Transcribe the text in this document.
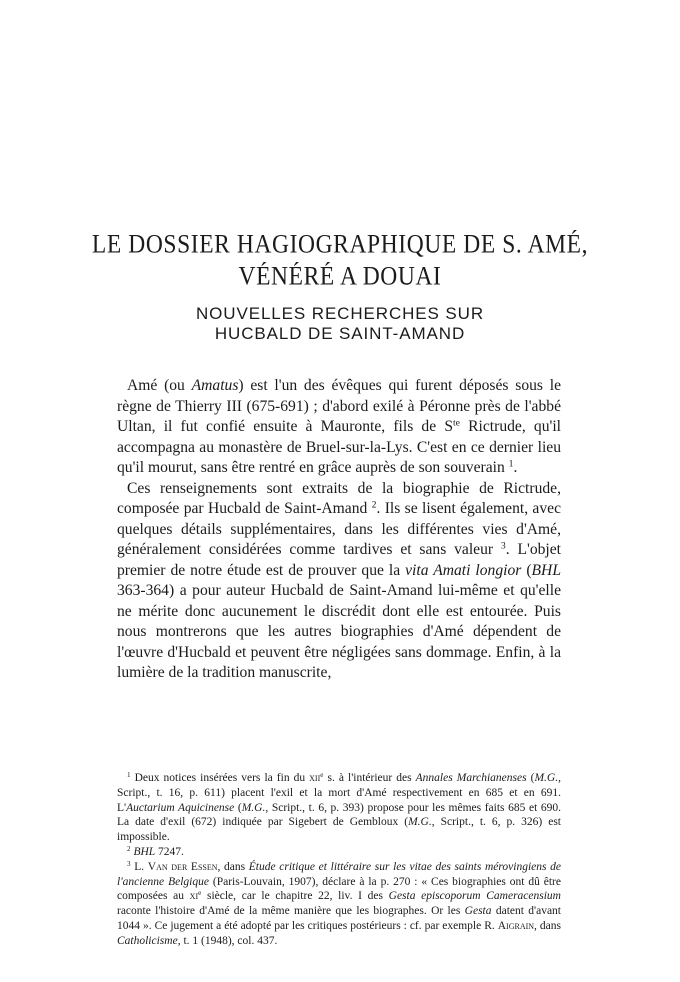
LE DOSSIER HAGIOGRAPHIQUE DE S. AMÉ,
VÉNÉRÉ A DOUAI
NOUVELLES RECHERCHES SUR
HUCBALD DE SAINT-AMAND

Amé (ou Amatus) est l'un des évêques qui furent déposés sous le règne de Thierry III (675-691) ; d'abord exilé à Péronne près de l'abbé Ultan, il fut confié ensuite à Mauronte, fils de $S^{te}$ Rictrude, qu'il accompagna au monastère de Bruel-sur-la-Lys. C'est en ce dernier lieu qu'il mourut, sans être rentré en grâce auprès de son souverain $^1$.

Ces renseignements sont extraits de la biographie de Rictrude, composée par Hucbald de Saint-Amand $^2$. Ils se lisent également, avec quelques détails supplémentaires, dans les différentes vies d'Amé, généralement considérées comme tardives et sans valeur $^3$. L'objet premier de notre étude est de prouver que la vita Amati longior (BHL 363-364) a pour auteur Hucbald de Saint-Amand lui-même et qu'elle ne mérite donc aucunement le discrédit dont elle est entourée. Puis nous montrerons que les autres biographies d'Amé dépendent de l'œuvre d'Hucbald et peuvent être négligées sans dommage. Enfin, à la lumière de la tradition manuscrite,

$^1$ Deux notices insérées vers la fin du xii$^e$ s. à l'intérieur des Annales Marchianenses (M.G., Script., t. 16, p. 611) placent l'exil et la mort d'Amé respectivement en 685 et en 691. L'Auctarium Aquicinense (M.G., Script., t. 6, p. 393) propose pour les mêmes faits 685 et 690. La date d'exil (672) indiquée par Sigebert de Gembloux (M.G., Script., t. 6, p. 326) est impossible.

$^2$ BHL 7247.

$^3$ L. Van der Essen, dans Étude critique et littéraire sur les vitae des saints mérovingiens de l'ancienne Belgique (Paris-Louvain, 1907), déclare à la p. 270 : « Ces biographies ont dû être composées au $xi^e$ siècle, car le chapitre 22, liv. I des Gesta episcoporum Cameracensium raconte l'histoire d'Amé de la même manière que les biographes. Or les Gesta datent d'avant 1044 ». Ce jugement a été adopté par les critiques postérieurs : cf. par exemple R. Aigrain, dans Catholicisme, t. 1 (1948), col. 437.
